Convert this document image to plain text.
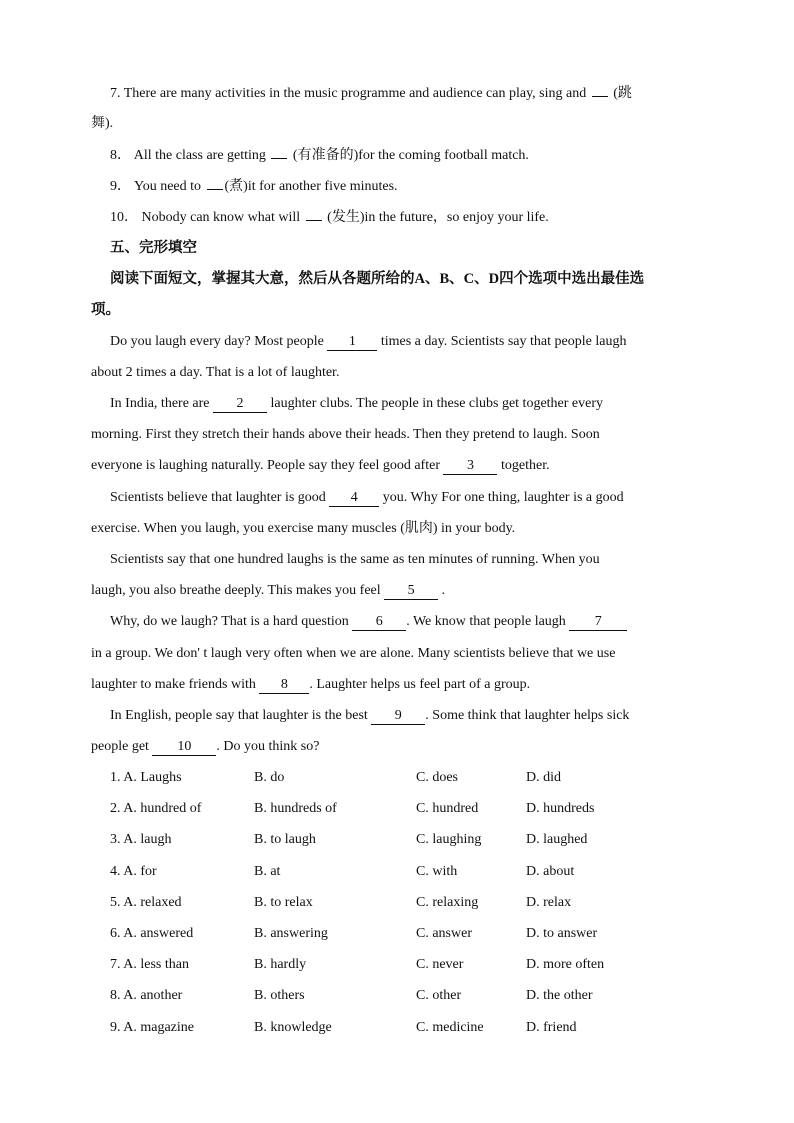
7. There are many activities in the music programme and audience can play, sing and (跳
舞).
8． All the class are getting (有准备的)for the coming football match.
9． You need to (煮)it for another five minutes.
10． Nobody can know what will (发生)in the future，so enjoy your life.
五、完形填空
阅读下面短文，掌握其大意，然后从各题所给的A、B、C、D四个选项中选出最佳选
项。
Do you laugh every day? Most people 1 times a day. Scientists say that people laugh
about 2 times a day. That is a lot of laughter.
In India, there are 2 laughter clubs. The people in these clubs get together every
morning. First they stretch their hands above their heads. Then they pretend to laugh. Soon
everyone is laughing naturally. People say they feel good after 3 together.
Scientists believe that laughter is good 4 you. Why For one thing, laughter is a good
exercise. When you laugh, you exercise many muscles (肌肉) in your body.
Scientists say that one hundred laughs is the same as ten minutes of running. When you
laugh, you also breathe deeply. This makes you feel 5 .
Why, do we laugh? That is a hard question 6 . We know that people laugh 7
in a group. We don' t laugh very often when we are alone. Many scientists believe that we use
laughter to make friends with 8 . Laughter helps us feel part of a group.
In English, people say that laughter is the best 9 . Some think that laughter helps sick
people get 10 . Do you think so?
1. A. Laughs	B. do	C. does	D. did
2. A. hundred of	B. hundreds of	C. hundred	D. hundreds
3. A. laugh	B. to laugh	C. laughing	D. laughed
4. A. for	B. at	C. with	D. about
5. A. relaxed	B. to relax	C. relaxing	D. relax
6. A. answered	B. answering	C. answer	D. to answer
7. A. less than	B. hardly	C. never	D. more often
8. A. another	B. others	C. other	D. the other
9. A. magazine	B. knowledge	C. medicine	D. friend
